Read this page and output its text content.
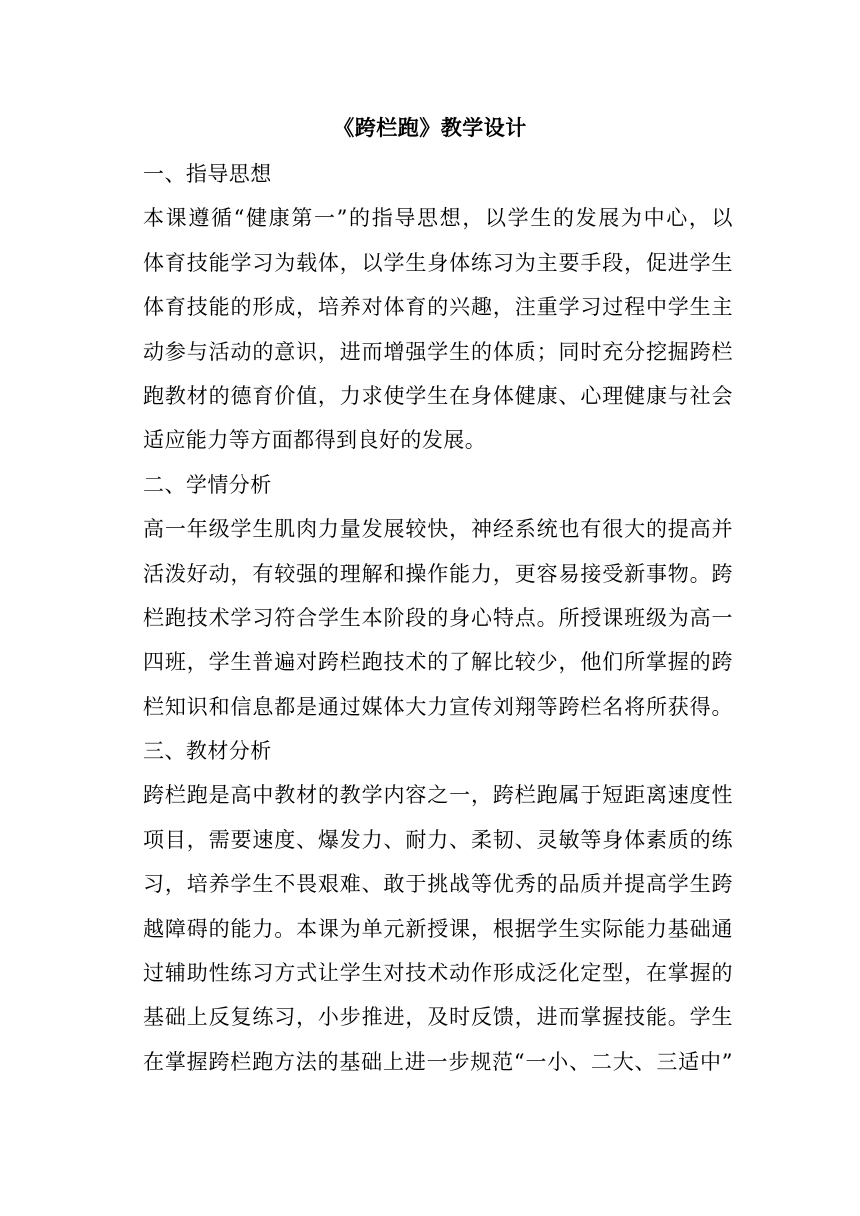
《跨栏跑》教学设计
一、指导思想
本课遵循“健康第一”的指导思想，以学生的发展为中心，以
体育技能学习为载体，以学生身体练习为主要手段，促进学生
体育技能的形成，培养对体育的兴趣，注重学习过程中学生主
动参与活动的意识，进而增强学生的体质；同时充分挖掘跨栏
跑教材的德育价值，力求使学生在身体健康、心理健康与社会
适应能力等方面都得到良好的发展。
二、学情分析
高一年级学生肌肉力量发展较快，神经系统也有很大的提高并
活泼好动，有较强的理解和操作能力，更容易接受新事物。跨
栏跑技术学习符合学生本阶段的身心特点。所授课班级为高一
四班，学生普遍对跨栏跑技术的了解比较少，他们所掌握的跨
栏知识和信息都是通过媒体大力宣传刘翔等跨栏名将所获得。
三、教材分析
跨栏跑是高中教材的教学内容之一，跨栏跑属于短距离速度性
项目，需要速度、爆发力、耐力、柔韧、灵敏等身体素质的练
习，培养学生不畏艰难、敢于挑战等优秀的品质并提高学生跨
越障碍的能力。本课为单元新授课，根据学生实际能力基础通
过辅助性练习方式让学生对技术动作形成泛化定型，在掌握的
基础上反复练习，小步推进，及时反馈，进而掌握技能。学生
在掌握跨栏跑方法的基础上进一步规范“一小、二大、三适中”
